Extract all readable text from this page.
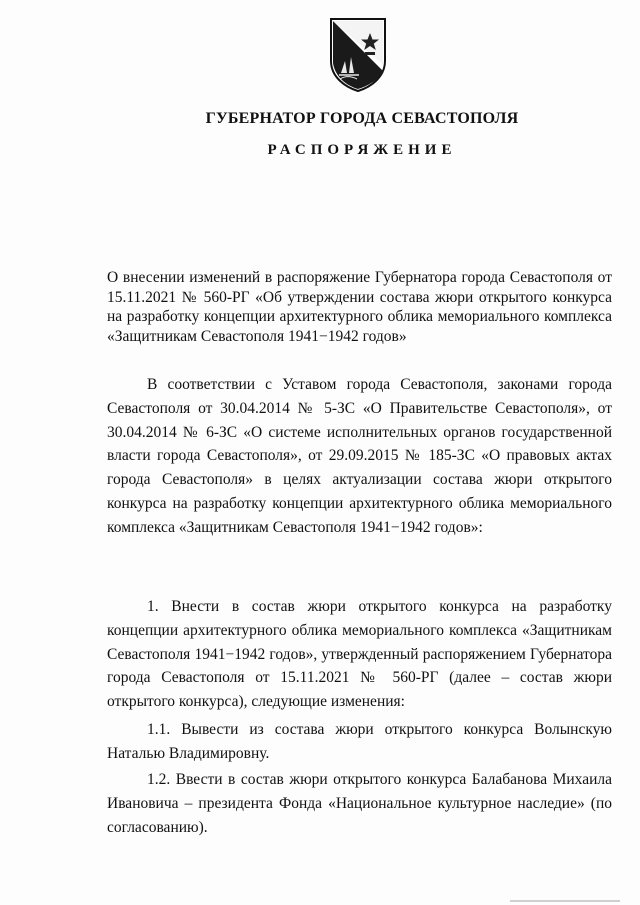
ГУБЕРНАТОР ГОРОДА СЕВАСТОПОЛЯ
РАСПОРЯЖЕНИЕ
О внесении изменений в распоряжение Губернатора города Севастополя от 15.11.2021 № 560-РГ «Об утверждении состава жюри открытого конкурса на разработку концепции архитектурного облика мемориального комплекса «Защитникам Севастополя 1941−1942 годов»
В соответствии с Уставом города Севастополя, законами города Севастополя от 30.04.2014 № 5-ЗС «О Правительстве Севастополя», от 30.04.2014 № 6-ЗС «О системе исполнительных органов государственной власти города Севастополя», от 29.09.2015 № 185-ЗС «О правовых актах города Севастополя» в целях актуализации состава жюри открытого конкурса на разработку концепции архитектурного облика мемориального комплекса «Защитникам Севастополя 1941−1942 годов»:
1. Внести в состав жюри открытого конкурса на разработку концепции архитектурного облика мемориального комплекса «Защитникам Севастополя 1941−1942 годов», утвержденный распоряжением Губернатора города Севастополя от 15.11.2021 № 560-РГ (далее – состав жюри открытого конкурса), следующие изменения:
1.1. Вывести из состава жюри открытого конкурса Волынскую Наталью Владимировну.
1.2. Ввести в состав жюри открытого конкурса Балабанова Михаила Ивановича – президента Фонда «Национальное культурное наследие» (по согласованию).
